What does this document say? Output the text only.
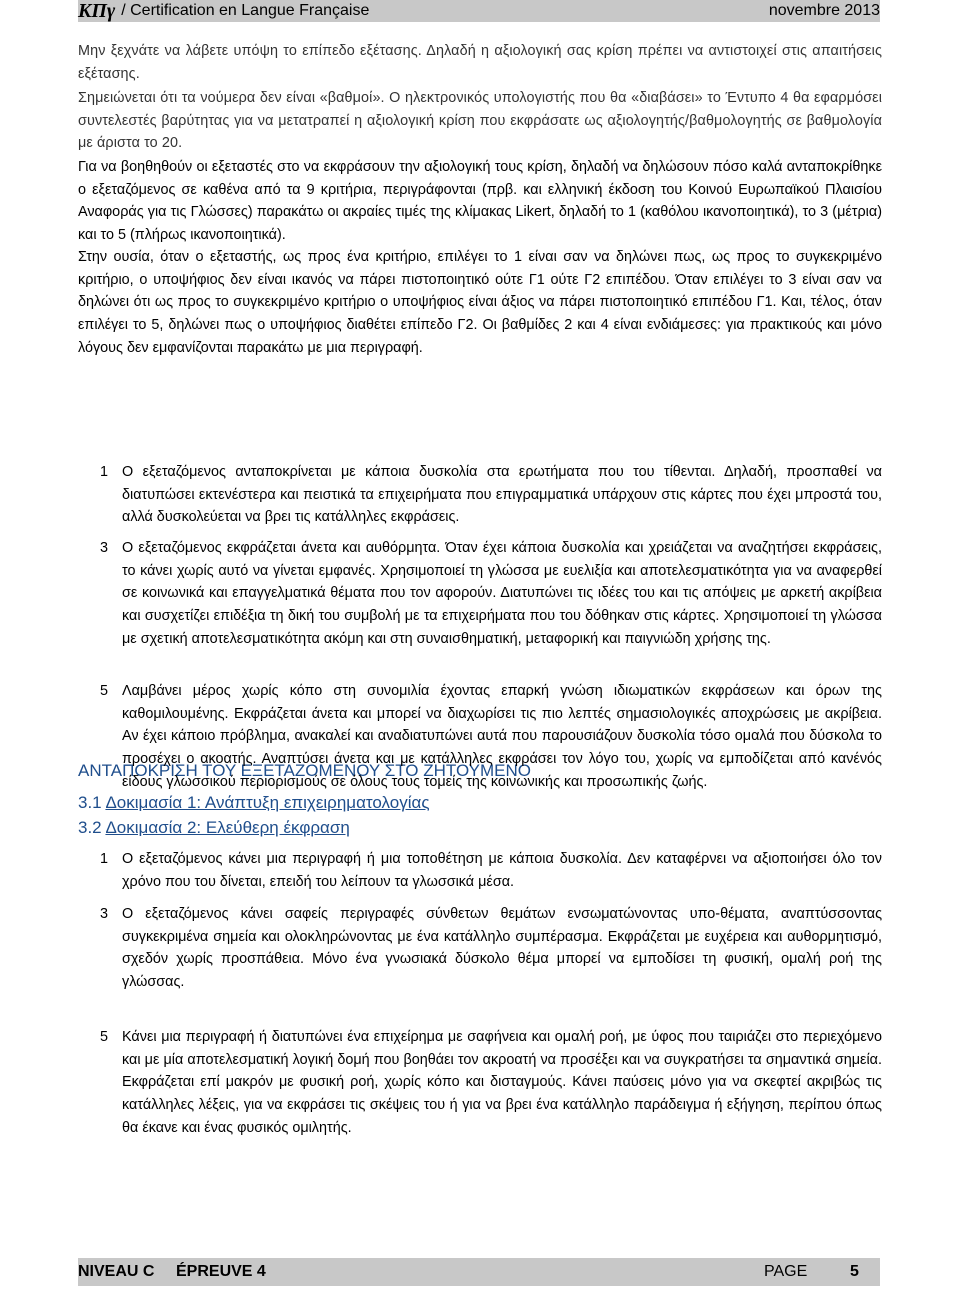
ΚΠγ / Certification en Langue Française	novembre 2013
Μην ξεχνάτε να λάβετε υπόψη το επίπεδο εξέτασης. Δηλαδή η αξιολογική σας κρίση πρέπει να αντιστοιχεί στις απαιτήσεις εξέτασης.
Σημειώνεται ότι τα νούμερα δεν είναι «βαθμοί». Ο ηλεκτρονικός υπολογιστής που θα «διαβάσει» το Έντυπο 4 θα εφαρμόσει συντελεστές βαρύτητας για να μετατραπεί η αξιολογική κρίση που εκφράσατε ως αξιολογητής/βαθμολογητής σε βαθμολογία με άριστα το 20.
Για να βοηθηθούν οι εξεταστές στο να εκφράσουν την αξιολογική τους κρίση, δηλαδή να δηλώσουν πόσο καλά ανταποκρίθηκε ο εξεταζόμενος σε καθένα από τα 9 κριτήρια, περιγράφονται (πρβ. και ελληνική έκδοση του Κοινού Ευρωπαϊκού Πλαισίου Αναφοράς για τις Γλώσσες) παρακάτω οι ακραίες τιμές της κλίμακας Likert, δηλαδή το 1 (καθόλου ικανοποιητικά), το 3 (μέτρια) και το 5 (πλήρως ικανοποιητικά).
Στην ουσία, όταν ο εξεταστής, ως προς ένα κριτήριο, επιλέγει το 1 είναι σαν να δηλώνει πως, ως προς το συγκεκριμένο κριτήριο, ο υποψήφιος δεν είναι ικανός να πάρει πιστοποιητικό ούτε Γ1 ούτε Γ2 επιπέδου. Όταν επιλέγει το 3 είναι σαν να δηλώνει ότι ως προς το συγκεκριμένο κριτήριο ο υποψήφιος είναι άξιος να πάρει πιστοποιητικό επιπέδου Γ1. Και, τέλος, όταν επιλέγει το 5, δηλώνει πως ο υποψήφιος διαθέτει επίπεδο Γ2. Οι βαθμίδες 2 και 4 είναι ενδιάμεσες: για πρακτικούς και μόνο λόγους δεν εμφανίζονται παρακάτω με μια περιγραφή.
ΑΝΤΑΠΟΚΡΙΣΗ ΤΟΥ ΕΞΕΤΑΖΟΜΕΝΟΥ ΣΤΟ ΖΗΤΟΥΜΕΝΟ
3.1 Δοκιμασία 1: Ανάπτυξη επιχειρηματολογίας
1 Ο εξεταζόμενος ανταποκρίνεται με κάποια δυσκολία στα ερωτήματα που του τίθενται. Δηλαδή, προσπαθεί να διατυπώσει εκτενέστερα και πειστικά τα επιχειρήματα που επιγραμματικά υπάρχουν στις κάρτες που έχει μπροστά του, αλλά δυσκολεύεται να βρει τις κατάλληλες εκφράσεις.
3 Ο εξεταζόμενος εκφράζεται άνετα και αυθόρμητα. Όταν έχει κάποια δυσκολία και χρειάζεται να αναζητήσει εκφράσεις, το κάνει χωρίς αυτό να γίνεται εμφανές. Χρησιμοποιεί τη γλώσσα με ευελιξία και αποτελεσματικότητα για να αναφερθεί σε κοινωνικά και επαγγελματικά θέματα που τον αφορούν. Διατυπώνει τις ιδέες του και τις απόψεις με αρκετή ακρίβεια και συσχετίζει επιδέξια τη δική του συμβολή με τα επιχειρήματα που του δόθηκαν στις κάρτες. Χρησιμοποιεί τη γλώσσα με σχετική αποτελεσματικότητα ακόμη και στη συναισθηματική, μεταφορική και παιγνιώδη χρήσης της.
5 Λαμβάνει μέρος χωρίς κόπο στη συνομιλία έχοντας επαρκή γνώση ιδιωματικών εκφράσεων και όρων της καθομιλουμένης. Εκφράζεται άνετα και μπορεί να διαχωρίσει τις πιο λεπτές σημασιολογικές αποχρώσεις με ακρίβεια. Αν έχει κάποιο πρόβλημα, ανακαλεί και αναδιατυπώνει αυτά που παρουσιάζουν δυσκολία τόσο ομαλά που δύσκολα το προσέχει ο ακοατής. Αναπτύσει άνετα και με κατάλληλες εκφράσει τον λόγο του, χωρίς να εμποδίζεται από κανένός είδους γλωσσικού περιορισμούς σε όλους τους τομείς της κοινωνικής και προσωπικής ζωής.
3.2 Δοκιμασία 2: Ελεύθερη έκφραση
1 Ο εξεταζόμενος κάνει μια περιγραφή ή μια τοποθέτηση με κάποια δυσκολία. Δεν καταφέρνει να αξιοποιήσει όλο τον χρόνο που του δίνεται, επειδή του λείπουν τα γλωσσικά μέσα.
3 Ο εξεταζόμενος κάνει σαφείς περιγραφές σύνθετων θεμάτων ενσωματώνοντας υπο-θέματα, αναπτύσσοντας συγκεκριμένα σημεία και ολοκληρώνοντας με ένα κατάλληλο συμπέρασμα. Εκφράζεται με ευχέρεια και αυθορμητισμό, σχεδόν χωρίς προσπάθεια. Μόνο ένα γνωσιακά δύσκολο θέμα μπορεί να εμποδίσει τη φυσική, ομαλή ροή της γλώσσας.
5 Κάνει μια περιγραφή ή διατυπώνει ένα επιχείρημα με σαφήνεια και ομαλή ροή, με ύφος που ταιριάζει στο περιεχόμενο και με μία αποτελεσματική λογική δομή που βοηθάει τον ακροατή να προσέξει και να συγκρατήσει τα σημαντικά σημεία. Εκφράζεται επί μακρόν με φυσική ροή, χωρίς κόπο και δισταγμούς. Κάνει παύσεις μόνο για να σκεφτεί ακριβώς τις κατάλληλες λέξεις, για να εκφράσει τις σκέψεις του ή για να βρει ένα κατάλληλο παράδειγμα ή εξήγηση, περίπου όπως θα έκανε και ένας φυσικός ομιλητής.
NIVEAU C ÉPREUVE 4	PAGE	5
